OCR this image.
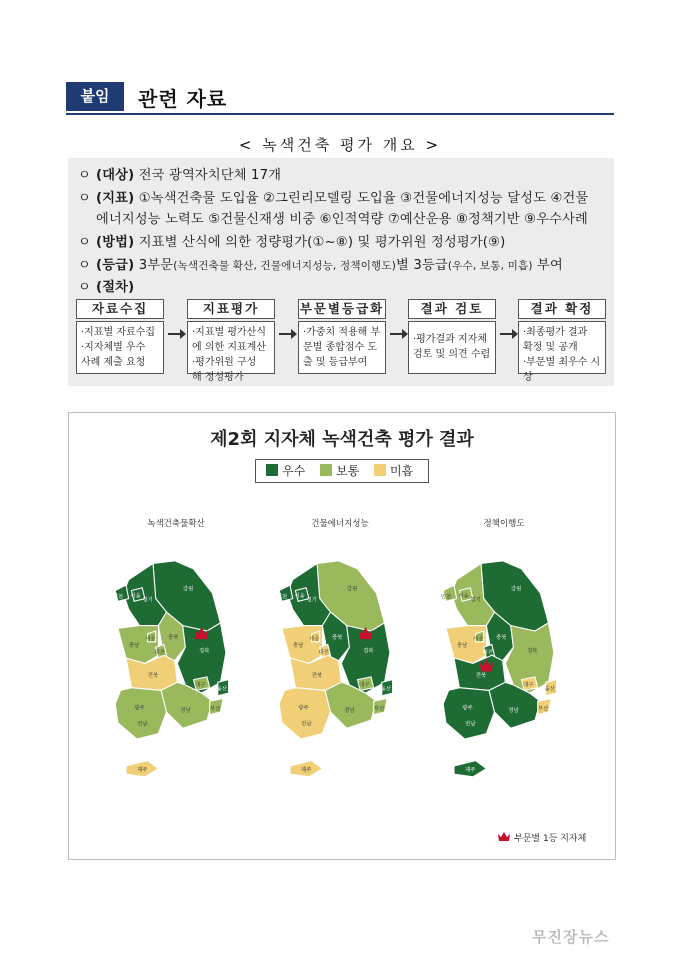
붙임	관련 자료
< 녹색건축 평가 개요 >
ㅇ (대상) 전국 광역자치단체 17개
ㅇ (지표) ①녹색건축물 도입율 ②그린리모델링 도입율 ③건물에너지성능 달성도 ④건물
에너지성능 노력도 ⑤건물신재생 비중 ⑥인적역량 ⑦예산운용 ⑧정책기반 ⑨우수사례
ㅇ (방법) 지표별 산식에 의한 정량평가(①~⑧) 및 평가위원 정성평가(⑨)
ㅇ (등급) 3부문(녹색건축물 확산, 건물에너지성능, 정책이행도)별 3등급(우수, 보통, 미흡) 부여
ㅇ (절차)
자료수집
·지표별 자료수집
·지자체별 우수
사례 제출 요청
지표평가
·지표별 평가산식
에 의한 지표계산
·평가위원 구성
해 정성평가
부문별등급화
·가중치 적용해 부
문별 종합점수 도
출 및 등급부여
결과 검토
·평가결과 지자체
검토 및 의견 수렴
결과 확정
·최종평가 결과
확정 및 공개
·부문별 최우수 시상
제2회 지자체 녹색건축 평가 결과
우수	보통	미흡
녹색건축물확산	건물에너지성능	정책이행도
강원
경기
서울
인천
충북
충남
세종
대전	경북
대구
울산
전북
광주
전남
경남	부산
제주
강원
경기
서울
인천
충북
충남
세종
대전	경북
대구
울산
전북
광주
전남
경남	부산
제주
강원
경기
서울
인천
충북
충남
세종
대전	경북
대구
울산
전북
광주
전남
경남	부산
제주
부문별 1등 지자체
무진장뉴스
